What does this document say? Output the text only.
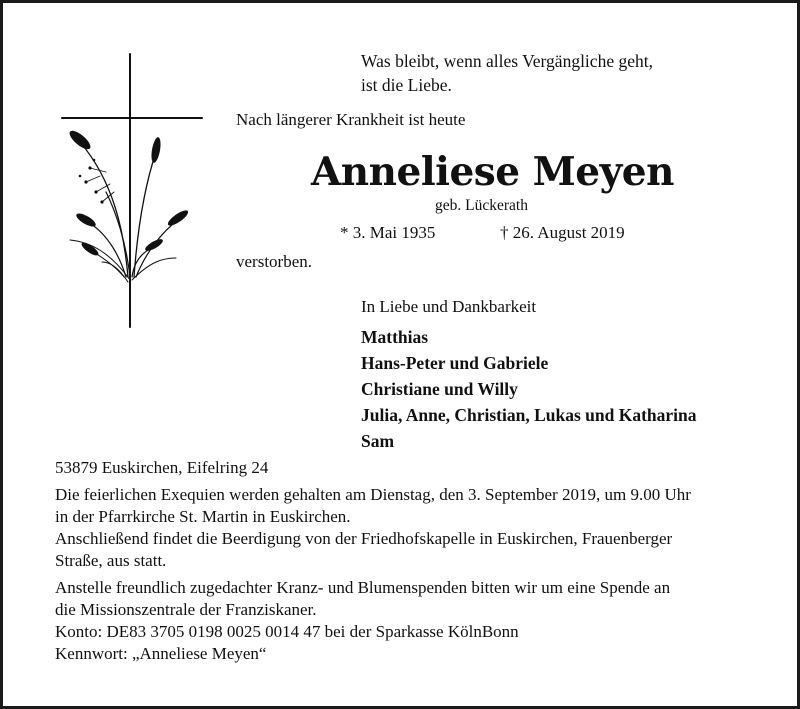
Was bleibt, wenn alles Vergängliche geht,
ist die Liebe.
Nach längerer Krankheit ist heute
Anneliese Meyen
geb. Lückerath
* 3. Mai 1935	† 26. August 2019
verstorben.
In Liebe und Dankbarkeit
Matthias
Hans-Peter und Gabriele
Christiane und Willy
Julia, Anne, Christian, Lukas und Katharina
Sam
53879 Euskirchen, Eifelring 24
Die feierlichen Exequien werden gehalten am Dienstag, den 3. September 2019, um 9.00 Uhr
in der Pfarrkirche St. Martin in Euskirchen.
Anschließend findet die Beerdigung von der Friedhofskapelle in Euskirchen, Frauenberger
Straße, aus statt.
Anstelle freundlich zugedachter Kranz- und Blumenspenden bitten wir um eine Spende an
die Missionszentrale der Franziskaner.
Konto: DE83 3705 0198 0025 0014 47 bei der Sparkasse KölnBonn
Kennwort: „Anneliese Meyen“
